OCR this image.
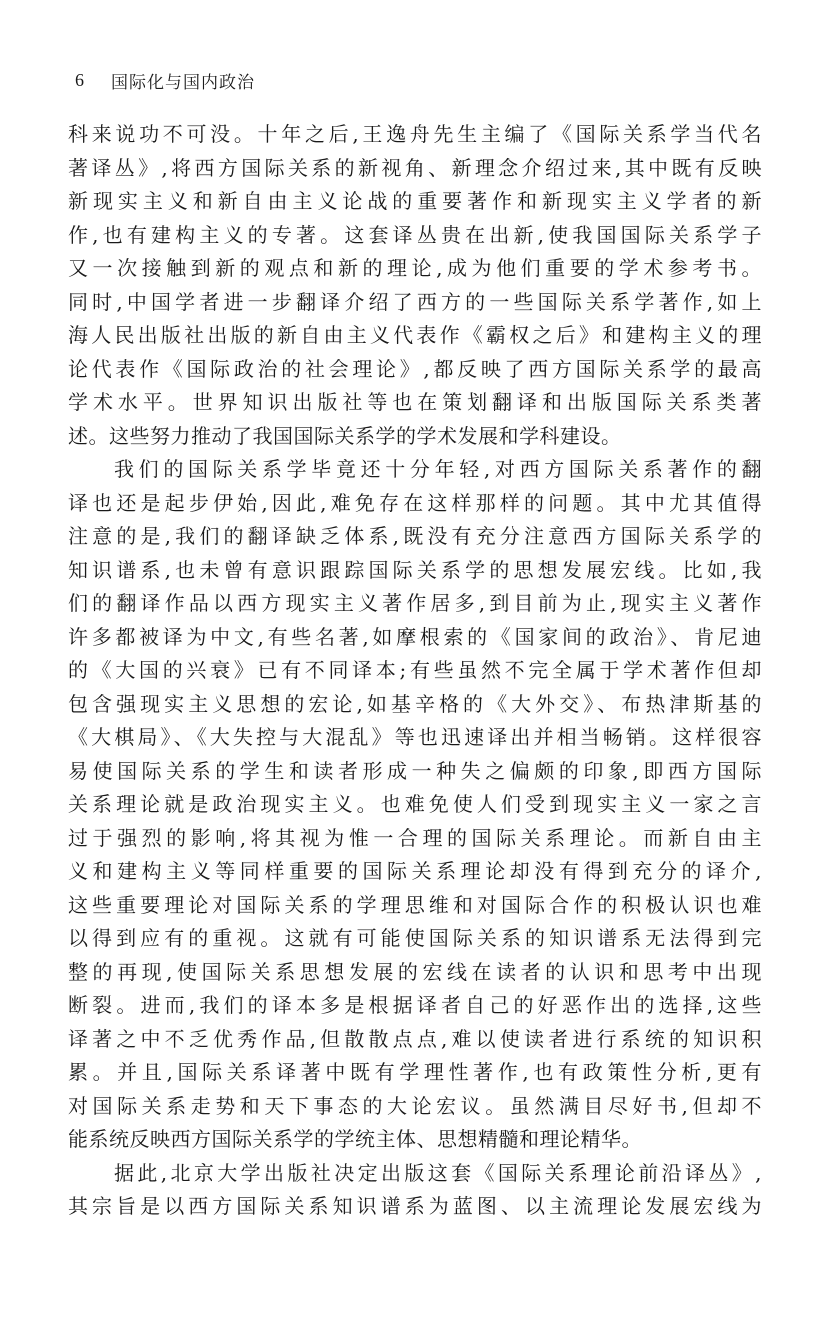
6 国际化与国内政治
科来说功不可没。十年之后,王逸舟先生主编了《国际关系学当代名
著译丛》,将西方国际关系的新视角、新理念介绍过来,其中既有反映
新现实主义和新自由主义论战的重要著作和新现实主义学者的新
作,也有建构主义的专著。这套译丛贵在出新,使我国国际关系学子
又一次接触到新的观点和新的理论,成为他们重要的学术参考书。
同时,中国学者进一步翻译介绍了西方的一些国际关系学著作,如上
海人民出版社出版的新自由主义代表作《霸权之后》和建构主义的理
论代表作《国际政治的社会理论》,都反映了西方国际关系学的最高
学术水平。世界知识出版社等也在策划翻译和出版国际关系类著
述。这些努力推动了我国国际关系学的学术发展和学科建设。
我们的国际关系学毕竟还十分年轻,对西方国际关系著作的翻
译也还是起步伊始,因此,难免存在这样那样的问题。其中尤其值得
注意的是,我们的翻译缺乏体系,既没有充分注意西方国际关系学的
知识谱系,也未曾有意识跟踪国际关系学的思想发展宏线。比如,我
们的翻译作品以西方现实主义著作居多,到目前为止,现实主义著作
许多都被译为中文,有些名著,如摩根索的《国家间的政治》、肯尼迪
的《大国的兴衰》已有不同译本;有些虽然不完全属于学术著作但却
包含强现实主义思想的宏论,如基辛格的《大外交》、布热津斯基的
《大棋局》、《大失控与大混乱》等也迅速译出并相当畅销。这样很容
易使国际关系的学生和读者形成一种失之偏颇的印象,即西方国际
关系理论就是政治现实主义。也难免使人们受到现实主义一家之言
过于强烈的影响,将其视为惟一合理的国际关系理论。而新自由主
义和建构主义等同样重要的国际关系理论却没有得到充分的译介,
这些重要理论对国际关系的学理思维和对国际合作的积极认识也难
以得到应有的重视。这就有可能使国际关系的知识谱系无法得到完
整的再现,使国际关系思想发展的宏线在读者的认识和思考中出现
断裂。进而,我们的译本多是根据译者自己的好恶作出的选择,这些
译著之中不乏优秀作品,但散散点点,难以使读者进行系统的知识积
累。并且,国际关系译著中既有学理性著作,也有政策性分析,更有
对国际关系走势和天下事态的大论宏议。虽然满目尽好书,但却不
能系统反映西方国际关系学的学统主体、思想精髓和理论精华。
据此,北京大学出版社决定出版这套《国际关系理论前沿译丛》,
其宗旨是以西方国际关系知识谱系为蓝图、以主流理论发展宏线为
